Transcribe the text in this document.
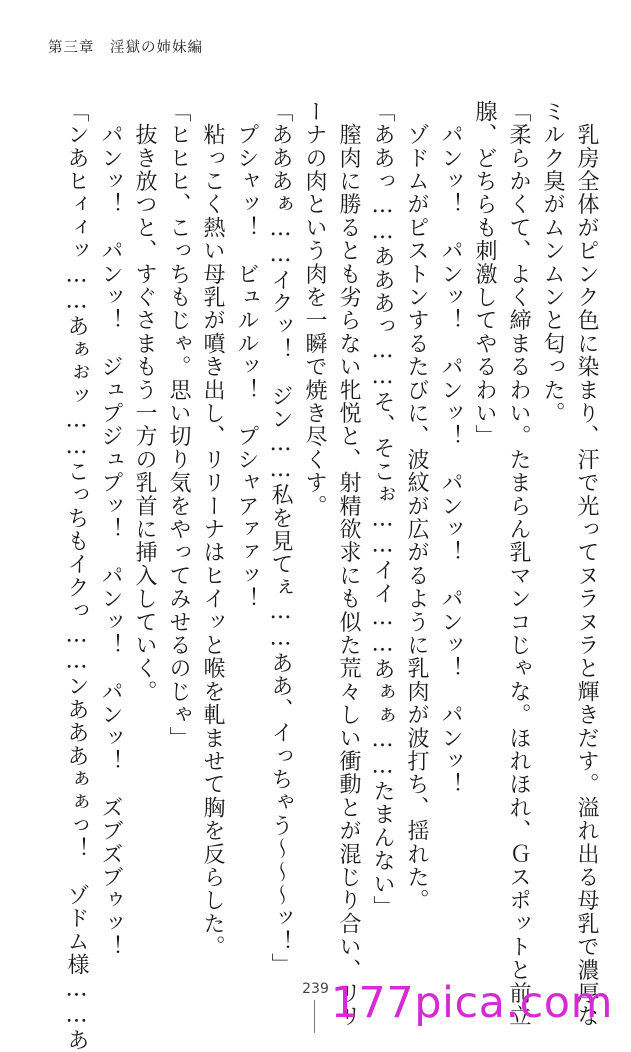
第三章　淫獄の姉妹編
　乳房全体がピンク色に染まり、汗で光ってヌラヌラと輝きだす。溢れ出る母乳で濃厚な
ミルク臭がムンムンと匂った。
「柔らかくて、よく締まるわい。たまらん乳マンコじゃな。ほれほれ、Ｇスポットと前立
腺、どちらも刺激してやるわい」
　パンッ！　パンッ！　パンッ！　パンッ！　パンッ！　パンッ！
　ゾドムがピストンするたびに、波紋が広がるように乳肉が波打ち、揺れた。
「ああっ……あああっ……そ、そこぉ……イイ……あぁぁ……たまんない」
　膣肉に勝るとも劣らない牝悦と、射精欲求にも似た荒々しい衝動とが混じり合い、リリ
ーナの肉という肉を一瞬で焼き尽くす。
「あああぁ……イクッ！　ジン……私を見てぇ……ああ、イっちゃう～～～ッ！」
　プシャッ！　ビュルルッ！　プシャアァァッ！
　粘っこく熱い母乳が噴き出し、リリーナはヒイッと喉を軋ませて胸を反らした。
「ヒヒヒ、こっちもじゃ。思い切り気をやってみせるのじゃ」
　抜き放つと、すぐさまもう一方の乳首に挿入していく。
　パンッ！　パンッ！　ジュプジュプッ！　パンッ！　パンッ！　ズブズブゥッ！
「ンあヒィィッ……あぁぉッ……こっちもイクっ……ンあああぁぁっ！　ゾドム様……あ	239 177pica.com
